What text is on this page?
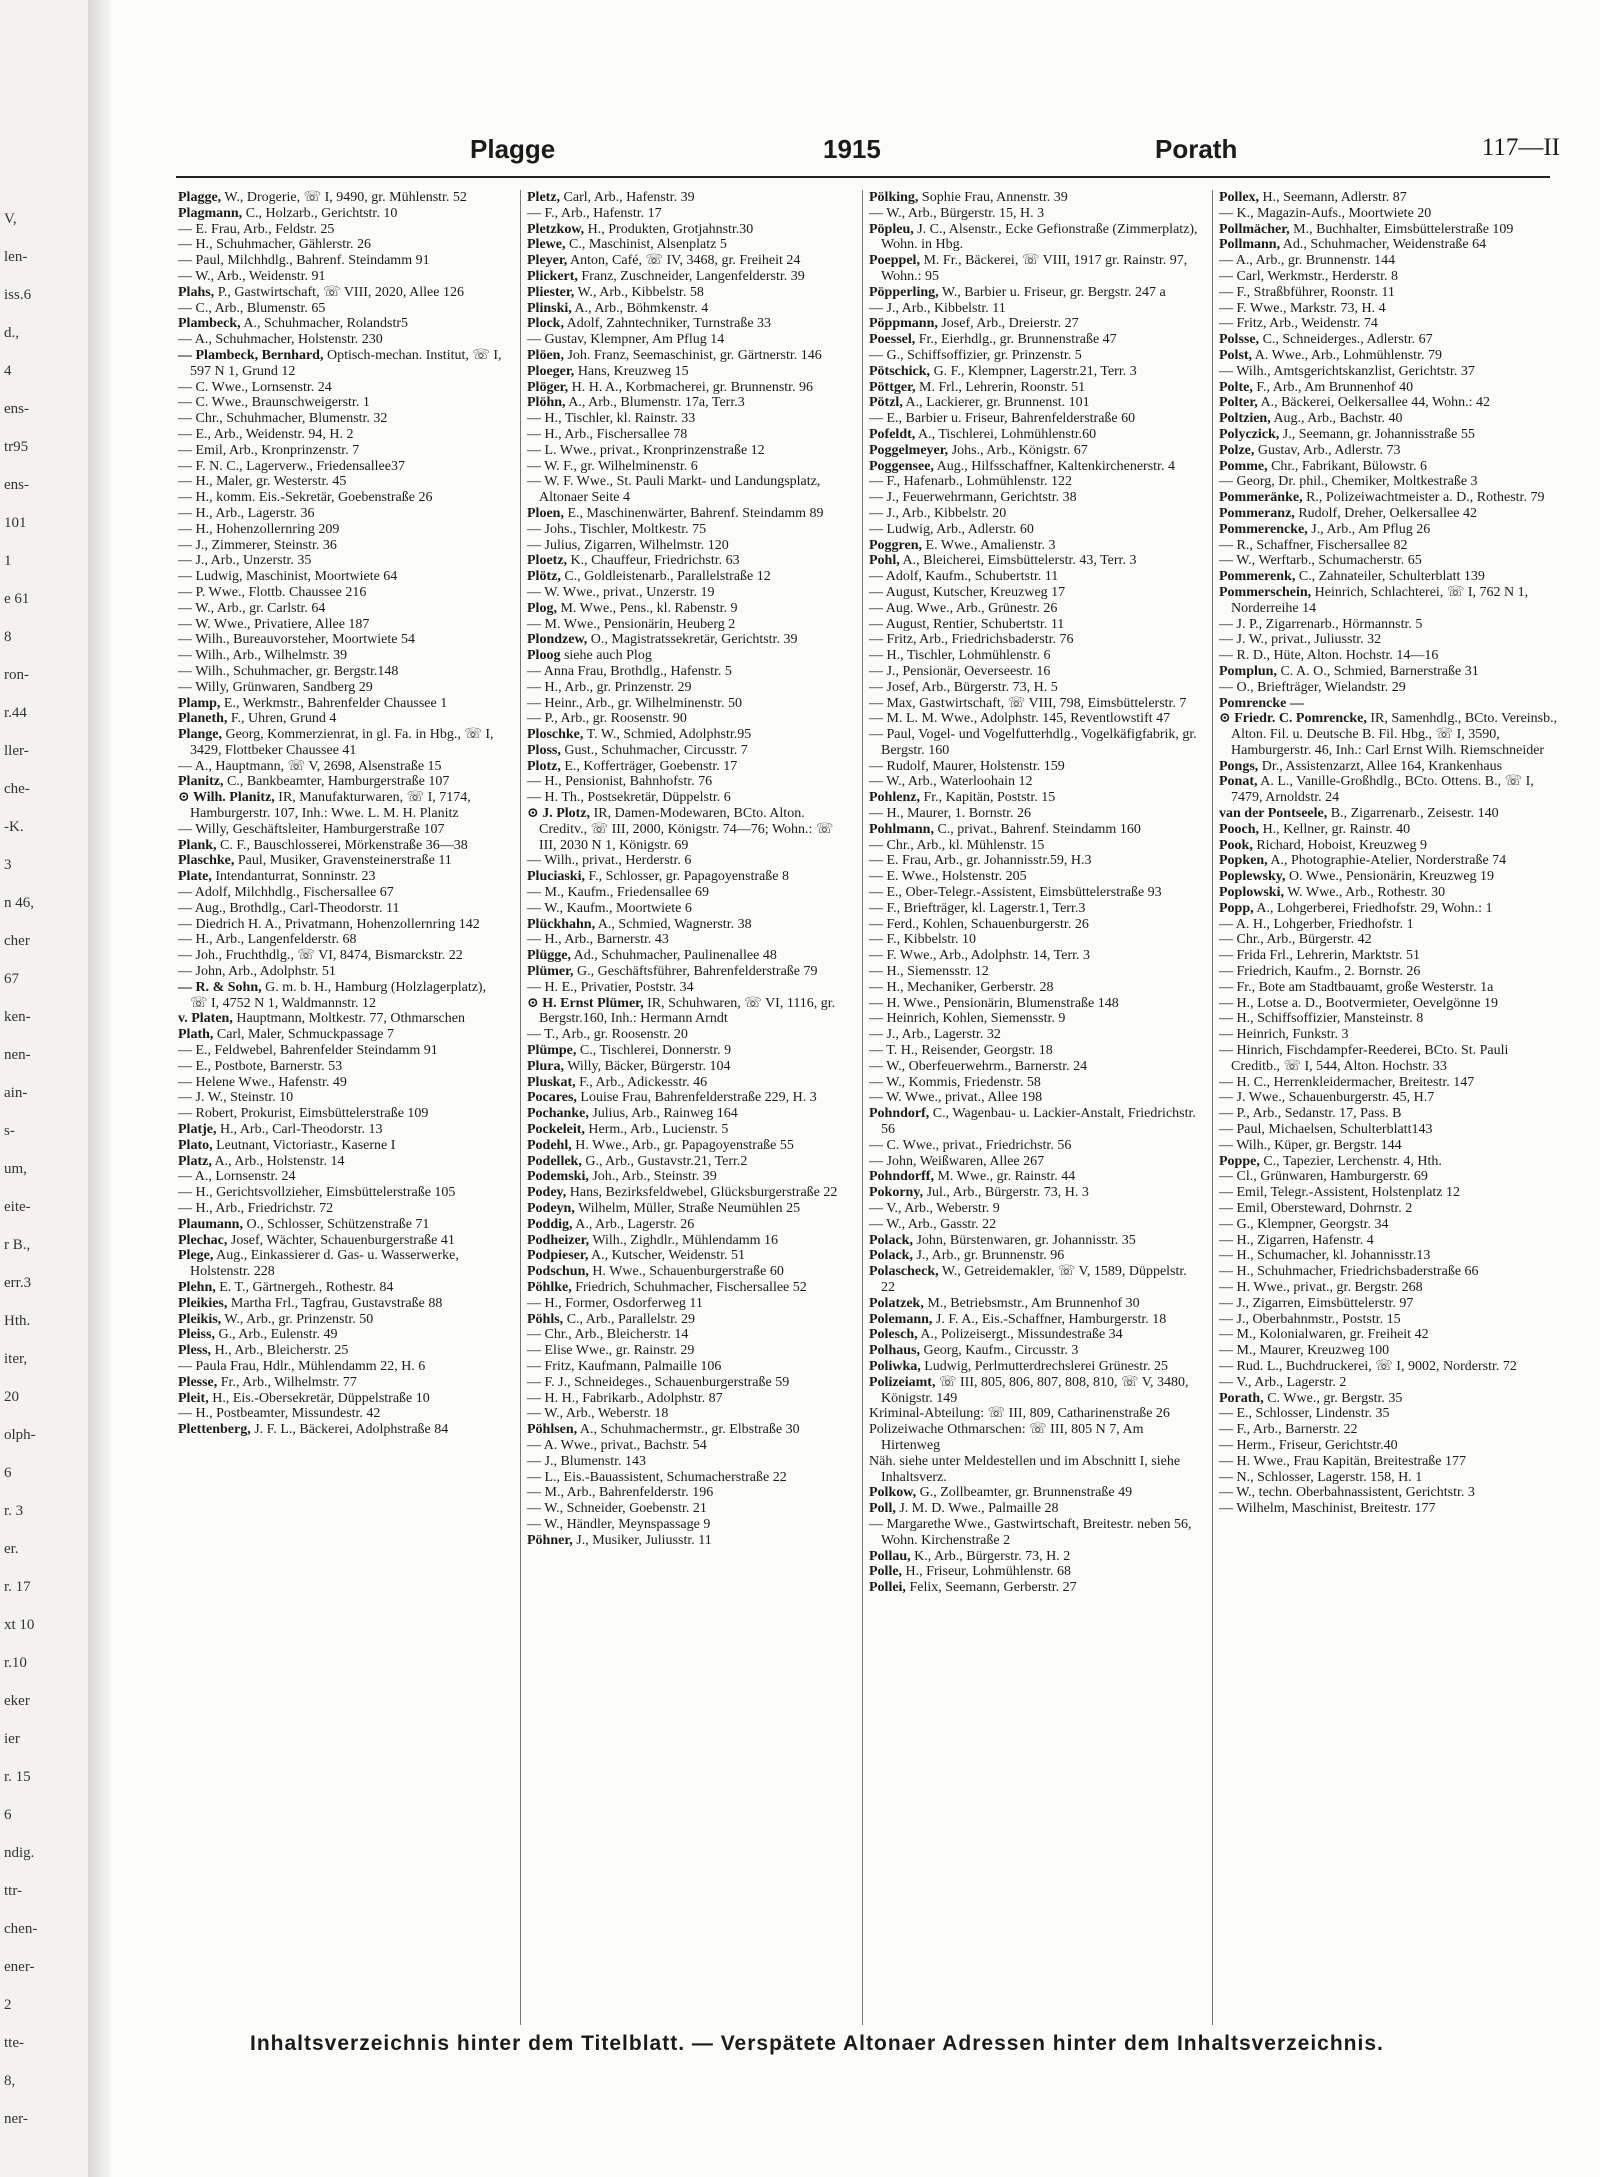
V,
len-
iss.6
d.,
4
ens-
tr95
ens-
101
1
e 61
8
ron-
r.44
ller-
che-
-K.
3
n 46,
cher
67
ken-
nen-
ain-
s-
um,
eite-
r B.,
err.3
Hth.
iter,
20
olph-
6
r. 3
er.
r. 17
xt 10
r.10
eker
ier
r. 15
6
ndig.
ttr-
chen-
ener-
2
tte-
8,
ner-
Plagge	1915	Porath	117—II

Plagge, W., Drogerie, ☏ I, 9490, gr. Mühlenstr. 52

Plagmann, C., Holzarb., Gerichtstr. 10

— E. Frau, Arb., Feldstr. 25

— H., Schuhmacher, Gählerstr. 26

— Paul, Milchhdlg., Bahrenf. Steindamm 91

— W., Arb., Weidenstr. 91

Plahs, P., Gastwirtschaft, ☏ VIII, 2020, Allee 126

— C., Arb., Blumenstr. 65

Plambeck, A., Schuhmacher, Rolandstr5

— A., Schuhmacher, Holstenstr. 230

— Plambeck, Bernhard, Optisch-mechan. Institut, ☏ I, 597 N 1, Grund 12

— C. Wwe., Lornsenstr. 24

— C. Wwe., Braunschweigerstr. 1

— Chr., Schuhmacher, Blumenstr. 32

— E., Arb., Weidenstr. 94, H. 2

— Emil, Arb., Kronprinzenstr. 7

— F. N. C., Lagerverw., Friedensallee37

— H., Maler, gr. Westerstr. 45

— H., komm. Eis.-Sekretär, Goebenstraße 26

— H., Arb., Lagerstr. 36

— H., Hohenzollernring 209

— J., Zimmerer, Steinstr. 36

— J., Arb., Unzerstr. 35

— Ludwig, Maschinist, Moortwiete 64

— P. Wwe., Flottb. Chaussee 216

— W., Arb., gr. Carlstr. 64

— W. Wwe., Privatiere, Allee 187

— Wilh., Bureauvorsteher, Moortwiete 54

— Wilh., Arb., Wilhelmstr. 39

— Wilh., Schuhmacher, gr. Bergstr.148

— Willy, Grünwaren, Sandberg 29

Plamp, E., Werkmstr., Bahrenfelder Chaussee 1

Planeth, F., Uhren, Grund 4

Plange, Georg, Kommerzienrat, in gl. Fa. in Hbg., ☏ I, 3429, Flottbeker Chaussee 41

— A., Hauptmann, ☏ V, 2698, Alsenstraße 15

Planitz, C., Bankbeamter, Hamburgerstraße 107

⊙ Wilh. Planitz, IR, Manufakturwaren, ☏ I, 7174, Hamburgerstr. 107, Inh.: Wwe. L. M. H. Planitz

— Willy, Geschäftsleiter, Hamburgerstraße 107

Plank, C. F., Bauschlosserei, Mörkenstraße 36—38

Plaschke, Paul, Musiker, Gravensteinerstraße 11

Plate, Intendanturrat, Sonninstr. 23

— Adolf, Milchhdlg., Fischersallee 67

— Aug., Brothdlg., Carl-Theodorstr. 11

— Diedrich H. A., Privatmann, Hohenzollernring 142

— H., Arb., Langenfelderstr. 68

— Joh., Fruchthdlg., ☏ VI, 8474, Bismarckstr. 22

— John, Arb., Adolphstr. 51

— R. & Sohn, G. m. b. H., Hamburg (Holzlagerplatz), ☏ I, 4752 N 1, Waldmannstr. 12

v. Platen, Hauptmann, Moltkestr. 77, Othmarschen

Plath, Carl, Maler, Schmuckpassage 7

— E., Feldwebel, Bahrenfelder Steindamm 91

— E., Postbote, Barnerstr. 53

— Helene Wwe., Hafenstr. 49

— J. W., Steinstr. 10

— Robert, Prokurist, Eimsbüttelerstraße 109

Platje, H., Arb., Carl-Theodorstr. 13

Plato, Leutnant, Victoriastr., Kaserne I

Platz, A., Arb., Holstenstr. 14

— A., Lornsenstr. 24

— H., Gerichtsvollzieher, Eimsbüttelerstraße 105

— H., Arb., Friedrichstr. 72

Plaumann, O., Schlosser, Schützenstraße 71

Plechac, Josef, Wächter, Schauenburgerstraße 41

Plege, Aug., Einkassierer d. Gas- u. Wasserwerke, Holstenstr. 228

Plehn, E. T., Gärtnergeh., Rothestr. 84

Pleikies, Martha Frl., Tagfrau, Gustavstraße 88

Pleikis, W., Arb., gr. Prinzenstr. 50

Pleiss, G., Arb., Eulenstr. 49

Pless, H., Arb., Bleicherstr. 25

— Paula Frau, Hdlr., Mühlendamm 22, H. 6

Plesse, Fr., Arb., Wilhelmstr. 77

Pleit, H., Eis.-Obersekretär, Düppelstraße 10

— H., Postbeamter, Missundestr. 42

Plettenberg, J. F. L., Bäckerei, Adolphstraße 84

Pletz, Carl, Arb., Hafenstr. 39

— F., Arb., Hafenstr. 17

Pletzkow, H., Produkten, Grotjahnstr.30

Plewe, C., Maschinist, Alsenplatz 5

Pleyer, Anton, Café, ☏ IV, 3468, gr. Freiheit 24

Plickert, Franz, Zuschneider, Langenfelderstr. 39

Pliester, W., Arb., Kibbelstr. 58

Plinski, A., Arb., Böhmkenstr. 4

Plock, Adolf, Zahntechniker, Turnstraße 33

— Gustav, Klempner, Am Pflug 14

Plöen, Joh. Franz, Seemaschinist, gr. Gärtnerstr. 146

Ploeger, Hans, Kreuzweg 15

Plöger, H. H. A., Korbmacherei, gr. Brunnenstr. 96

Plöhn, A., Arb., Blumenstr. 17a, Terr.3

— H., Tischler, kl. Rainstr. 33

— H., Arb., Fischersallee 78

— L. Wwe., privat., Kronprinzenstraße 12

— W. F., gr. Wilhelminenstr. 6

— W. F. Wwe., St. Pauli Markt- und Landungsplatz, Altonaer Seite 4

Ploen, E., Maschinenwärter, Bahrenf. Steindamm 89

— Johs., Tischler, Moltkestr. 75

— Julius, Zigarren, Wilhelmstr. 120

Ploetz, K., Chauffeur, Friedrichstr. 63

Plötz, C., Goldleistenarb., Parallelstraße 12

— W. Wwe., privat., Unzerstr. 19

Plog, M. Wwe., Pens., kl. Rabenstr. 9

— M. Wwe., Pensionärin, Heuberg 2

Plondzew, O., Magistratssekretär, Gerichtstr. 39

Ploog siehe auch Plog

— Anna Frau, Brothdlg., Hafenstr. 5

— H., Arb., gr. Prinzenstr. 29

— Heinr., Arb., gr. Wilhelminenstr. 50

— P., Arb., gr. Roosenstr. 90

Ploschke, T. W., Schmied, Adolphstr.95

Ploss, Gust., Schuhmacher, Circusstr. 7

Plotz, E., Kofferträger, Goebenstr. 17

— H., Pensionist, Bahnhofstr. 76

— H. Th., Postsekretär, Düppelstr. 6

⊙ J. Plotz, IR, Damen-Modewaren, BCto. Alton. Creditv., ☏ III, 2000, Königstr. 74—76; Wohn.: ☏ III, 2030 N 1, Königstr. 69

— Wilh., privat., Herderstr. 6

Pluciaski, F., Schlosser, gr. Papagoyenstraße 8

— M., Kaufm., Friedensallee 69

— W., Kaufm., Moortwiete 6

Plückhahn, A., Schmied, Wagnerstr. 38

— H., Arb., Barnerstr. 43

Plügge, Ad., Schuhmacher, Paulinenallee 48

Plümer, G., Geschäftsführer, Bahrenfelderstraße 79

— H. E., Privatier, Poststr. 34

⊙ H. Ernst Plümer, IR, Schuhwaren, ☏ VI, 1116, gr. Bergstr.160, Inh.: Hermann Arndt

— T., Arb., gr. Roosenstr. 20

Plümpe, C., Tischlerei, Donnerstr. 9

Plura, Willy, Bäcker, Bürgerstr. 104

Pluskat, F., Arb., Adickesstr. 46

Pocares, Louise Frau, Bahrenfelderstraße 229, H. 3

Pochanke, Julius, Arb., Rainweg 164

Pockeleit, Herm., Arb., Lucienstr. 5

Podehl, H. Wwe., Arb., gr. Papagoyenstraße 55

Podellek, G., Arb., Gustavstr.21, Terr.2

Podemski, Joh., Arb., Steinstr. 39

Podey, Hans, Bezirksfeldwebel, Glücksburgerstraße 22

Podeyn, Wilhelm, Müller, Straße Neumühlen 25

Poddig, A., Arb., Lagerstr. 26

Podheizer, Wilh., Zighdlr., Mühlendamm 16

Podpieser, A., Kutscher, Weidenstr. 51

Podschun, H. Wwe., Schauenburgerstraße 60

Pöhlke, Friedrich, Schuhmacher, Fischersallee 52

— H., Former, Osdorferweg 11

Pöhls, C., Arb., Parallelstr. 29

— Chr., Arb., Bleicherstr. 14

— Elise Wwe., gr. Rainstr. 29

— Fritz, Kaufmann, Palmaille 106

— F. J., Schneideges., Schauenburgerstraße 59

— H. H., Fabrikarb., Adolphstr. 87

— W., Arb., Weberstr. 18

Pöhlsen, A., Schuhmachermstr., gr. Elbstraße 30

— A. Wwe., privat., Bachstr. 54

— J., Blumenstr. 143

— L., Eis.-Bauassistent, Schumacherstraße 22

— M., Arb., Bahrenfelderstr. 196

— W., Schneider, Goebenstr. 21

— W., Händler, Meynspassage 9

Pöhner, J., Musiker, Juliusstr. 11

Pölking, Sophie Frau, Annenstr. 39

— W., Arb., Bürgerstr. 15, H. 3

Pöpleu, J. C., Alsenstr., Ecke Gefionstraße (Zimmerplatz), Wohn. in Hbg.

Poeppel, M. Fr., Bäckerei, ☏ VIII, 1917 gr. Rainstr. 97, Wohn.: 95

Pöpperling, W., Barbier u. Friseur, gr. Bergstr. 247 a

— J., Arb., Kibbelstr. 11

Pöppmann, Josef, Arb., Dreierstr. 27

Poessel, Fr., Eierhdlg., gr. Brunnenstraße 47

— G., Schiffsoffizier, gr. Prinzenstr. 5

Pötschick, G. F., Klempner, Lagerstr.21, Terr. 3

Pöttger, M. Frl., Lehrerin, Roonstr. 51

Pötzl, A., Lackierer, gr. Brunnenst. 101

— E., Barbier u. Friseur, Bahrenfelderstraße 60

Pofeldt, A., Tischlerei, Lohmühlenstr.60

Poggelmeyer, Johs., Arb., Königstr. 67

Poggensee, Aug., Hilfsschaffner, Kaltenkirchenerstr. 4

— F., Hafenarb., Lohmühlenstr. 122

— J., Feuerwehrmann, Gerichtstr. 38

— J., Arb., Kibbelstr. 20

— Ludwig, Arb., Adlerstr. 60

Poggren, E. Wwe., Amalienstr. 3

Pohl, A., Bleicherei, Eimsbüttelerstr. 43, Terr. 3

— Adolf, Kaufm., Schubertstr. 11

— August, Kutscher, Kreuzweg 17

— Aug. Wwe., Arb., Grünestr. 26

— August, Rentier, Schubertstr. 11

— Fritz, Arb., Friedrichsbaderstr. 76

— H., Tischler, Lohmühlenstr. 6

— J., Pensionär, Oeverseestr. 16

— Josef, Arb., Bürgerstr. 73, H. 5

— Max, Gastwirtschaft, ☏ VIII, 798, Eimsbüttelerstr. 7

— M. L. M. Wwe., Adolphstr. 145, Reventlowstift 47

— Paul, Vogel- und Vogelfutterhdlg., Vogelkäfigfabrik, gr. Bergstr. 160

— Rudolf, Maurer, Holstenstr. 159

— W., Arb., Waterloohain 12

Pohlenz, Fr., Kapitän, Poststr. 15

— H., Maurer, 1. Bornstr. 26

Pohlmann, C., privat., Bahrenf. Steindamm 160

— Chr., Arb., kl. Mühlenstr. 15

— E. Frau, Arb., gr. Johannisstr.59, H.3

— E. Wwe., Holstenstr. 205

— E., Ober-Telegr.-Assistent, Eimsbüttelerstraße 93

— F., Briefträger, kl. Lagerstr.1, Terr.3

— Ferd., Kohlen, Schauenburgerstr. 26

— F., Kibbelstr. 10

— F. Wwe., Arb., Adolphstr. 14, Terr. 3

— H., Siemensstr. 12

— H., Mechaniker, Gerberstr. 28

— H. Wwe., Pensionärin, Blumenstraße 148

— Heinrich, Kohlen, Siemensstr. 9

— J., Arb., Lagerstr. 32

— T. H., Reisender, Georgstr. 18

— W., Oberfeuerwehrm., Barnerstr. 24

— W., Kommis, Friedenstr. 58

— W. Wwe., privat., Allee 198

Pohndorf, C., Wagenbau- u. Lackier-Anstalt, Friedrichstr. 56

— C. Wwe., privat., Friedrichstr. 56

— John, Weißwaren, Allee 267

Pohndorff, M. Wwe., gr. Rainstr. 44

Pokorny, Jul., Arb., Bürgerstr. 73, H. 3

— V., Arb., Weberstr. 9

— W., Arb., Gasstr. 22

Polack, John, Bürstenwaren, gr. Johannisstr. 35

Polack, J., Arb., gr. Brunnenstr. 96

Polascheck, W., Getreidemakler, ☏ V, 1589, Düppelstr. 22

Polatzek, M., Betriebsmstr., Am Brunnenhof 30

Polemann, J. F. A., Eis.-Schaffner, Hamburgerstr. 18

Polesch, A., Polizeisergt., Missundestraße 34

Polhaus, Georg, Kaufm., Circusstr. 3

Poliwka, Ludwig, Perlmutterdrechslerei Grünestr. 25

Polizeiamt, ☏ III, 805, 806, 807, 808, 810, ☏ V, 3480, Königstr. 149

Kriminal-Abteilung: ☏ III, 809, Catharinenstraße 26

Polizeiwache Othmarschen: ☏ III, 805 N 7, Am Hirtenweg

Näh. siehe unter Meldestellen und im Abschnitt I, siehe Inhaltsverz.

Polkow, G., Zollbeamter, gr. Brunnenstraße 49

Poll, J. M. D. Wwe., Palmaille 28

— Margarethe Wwe., Gastwirtschaft, Breitestr. neben 56, Wohn. Kirchenstraße 2

Pollau, K., Arb., Bürgerstr. 73, H. 2

Polle, H., Friseur, Lohmühlenstr. 68

Pollei, Felix, Seemann, Gerberstr. 27

Pollex, H., Seemann, Adlerstr. 87

— K., Magazin-Aufs., Moortwiete 20

Pollmächer, M., Buchhalter, Eimsbüttelerstraße 109

Pollmann, Ad., Schuhmacher, Weidenstraße 64

— A., Arb., gr. Brunnenstr. 144

— Carl, Werkmstr., Herderstr. 8

— F., Straßbführer, Roonstr. 11

— F. Wwe., Markstr. 73, H. 4

— Fritz, Arb., Weidenstr. 74

Polsse, C., Schneiderges., Adlerstr. 67

Polst, A. Wwe., Arb., Lohmühlenstr. 79

— Wilh., Amtsgerichtskanzlist, Gerichtstr. 37

Polte, F., Arb., Am Brunnenhof 40

Polter, A., Bäckerei, Oelkersallee 44, Wohn.: 42

Poltzien, Aug., Arb., Bachstr. 40

Polyczick, J., Seemann, gr. Johannisstraße 55

Polze, Gustav, Arb., Adlerstr. 73

Pomme, Chr., Fabrikant, Bülowstr. 6

— Georg, Dr. phil., Chemiker, Moltkestraße 3

Pommeränke, R., Polizeiwachtmeister a. D., Rothestr. 79

Pommeranz, Rudolf, Dreher, Oelkersallee 42

Pommerencke, J., Arb., Am Pflug 26

— R., Schaffner, Fischersallee 82

— W., Werftarb., Schumacherstr. 65

Pommerenk, C., Zahnateiler, Schulterblatt 139

Pommerschein, Heinrich, Schlachterei, ☏ I, 762 N 1, Norderreihe 14

— J. P., Zigarrenarb., Hörmannstr. 5

— J. W., privat., Juliusstr. 32

— R. D., Hüte, Alton. Hochstr. 14—16

Pomplun, C. A. O., Schmied, Barnerstraße 31

— O., Briefträger, Wielandstr. 29

Pomrencke —

⊙ Friedr. C. Pomrencke, IR, Samenhdlg., BCto. Vereinsb., Alton. Fil. u. Deutsche B. Fil. Hbg., ☏ I, 3590, Hamburgerstr. 46, Inh.: Carl Ernst Wilh. Riemschneider

Pongs, Dr., Assistenzarzt, Allee 164, Krankenhaus

Ponat, A. L., Vanille-Großhdlg., BCto. Ottens. B., ☏ I, 7479, Arnoldstr. 24

van der Pontseele, B., Zigarrenarb., Zeisestr. 140

Pooch, H., Kellner, gr. Rainstr. 40

Pook, Richard, Hoboist, Kreuzweg 9

Popken, A., Photographie-Atelier, Norderstraße 74

Poplewsky, O. Wwe., Pensionärin, Kreuzweg 19

Poplowski, W. Wwe., Arb., Rothestr. 30

Popp, A., Lohgerberei, Friedhofstr. 29, Wohn.: 1

— A. H., Lohgerber, Friedhofstr. 1

— Chr., Arb., Bürgerstr. 42

— Frida Frl., Lehrerin, Marktstr. 51

— Friedrich, Kaufm., 2. Bornstr. 26

— Fr., Bote am Stadtbauamt, große Westerstr. 1a

— H., Lotse a. D., Bootvermieter, Oevelgönne 19

— H., Schiffsoffizier, Mansteinstr. 8

— Heinrich, Funkstr. 3

— Hinrich, Fischdampfer-Reederei, BCto. St. Pauli Creditb., ☏ I, 544, Alton. Hochstr. 33

— H. C., Herrenkleidermacher, Breitestr. 147

— J. Wwe., Schauenburgerstr. 45, H.7

— P., Arb., Sedanstr. 17, Pass. B

— Paul, Michaelsen, Schulterblatt143

— Wilh., Küper, gr. Bergstr. 144

Poppe, C., Tapezier, Lerchenstr. 4, Hth.

— Cl., Grünwaren, Hamburgerstr. 69

— Emil, Telegr.-Assistent, Holstenplatz 12

— Emil, Obersteward, Dohrnstr. 2

— G., Klempner, Georgstr. 34

— H., Zigarren, Hafenstr. 4

— H., Schumacher, kl. Johannisstr.13

— H., Schuhmacher, Friedrichsbaderstraße 66

— H. Wwe., privat., gr. Bergstr. 268

— J., Zigarren, Eimsbüttelerstr. 97

— J., Oberbahnmstr., Poststr. 15

— M., Kolonialwaren, gr. Freiheit 42

— M., Maurer, Kreuzweg 100

— Rud. L., Buchdruckerei, ☏ I, 9002, Norderstr. 72

— V., Arb., Lagerstr. 2

Porath, C. Wwe., gr. Bergstr. 35

— E., Schlosser, Lindenstr. 35

— F., Arb., Barnerstr. 22

— Herm., Friseur, Gerichtstr.40

— H. Wwe., Frau Kapitän, Breitestraße 177

— N., Schlosser, Lagerstr. 158, H. 1

— W., techn. Oberbahnassistent, Gerichtstr. 3

— Wilhelm, Maschinist, Breitestr. 177

Inhaltsverzeichnis hinter dem Titelblatt. — Verspätete Altonaer Adressen hinter dem Inhaltsverzeichnis.
